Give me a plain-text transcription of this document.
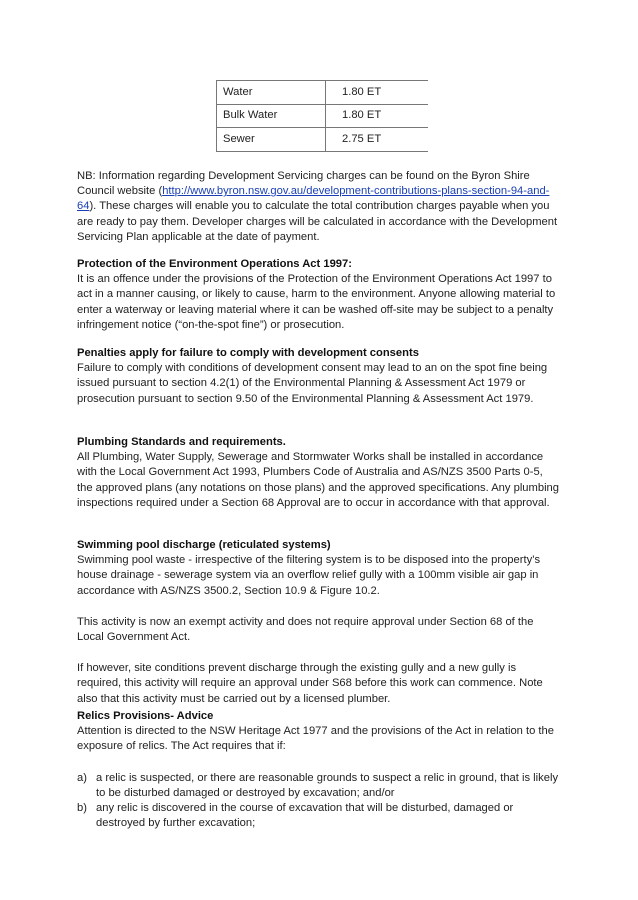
Water	1.80 ET
Bulk Water	1.80 ET
Sewer	2.75 ET

NB: Information regarding Development Servicing charges can be found on the Byron Shire Council website (http://www.byron.nsw.gov.au/development-contributions-plans-section-94-and-64). These charges will enable you to calculate the total contribution charges payable when you are ready to pay them. Developer charges will be calculated in accordance with the Development Servicing Plan applicable at the date of payment.

Protection of the Environment Operations Act 1997:

It is an offence under the provisions of the Protection of the Environment Operations Act 1997 to act in a manner causing, or likely to cause, harm to the environment. Anyone allowing material to enter a waterway or leaving material where it can be washed off-site may be subject to a penalty infringement notice (“on-the-spot fine”) or prosecution.

Penalties apply for failure to comply with development consents

Failure to comply with conditions of development consent may lead to an on the spot fine being issued pursuant to section 4.2(1) of the Environmental Planning & Assessment Act 1979 or prosecution pursuant to section 9.50 of the Environmental Planning & Assessment Act 1979.

Plumbing Standards and requirements.

All Plumbing, Water Supply, Sewerage and Stormwater Works shall be installed in accordance with the Local Government Act 1993, Plumbers Code of Australia and AS/NZS 3500 Parts 0-5, the approved plans (any notations on those plans) and the approved specifications. Any plumbing inspections required under a Section 68 Approval are to occur in accordance with that approval.

Swimming pool discharge (reticulated systems)

Swimming pool waste - irrespective of the filtering system is to be disposed into the property’s house drainage - sewerage system via an overflow relief gully with a 100mm visible air gap in accordance with AS/NZS 3500.2, Section 10.9 & Figure 10.2.

This activity is now an exempt activity and does not require approval under Section 68 of the Local Government Act.

If however, site conditions prevent discharge through the existing gully and a new gully is required, this activity will require an approval under S68 before this work can commence. Note also that this activity must be carried out by a licensed plumber.

Relics Provisions- Advice

Attention is directed to the NSW Heritage Act 1977 and the provisions of the Act in relation to the exposure of relics. The Act requires that if:

a) a relic is suspected, or there are reasonable grounds to suspect a relic in ground, that is likely to be disturbed damaged or destroyed by excavation; and/or
b) any relic is discovered in the course of excavation that will be disturbed, damaged or destroyed by further excavation;
